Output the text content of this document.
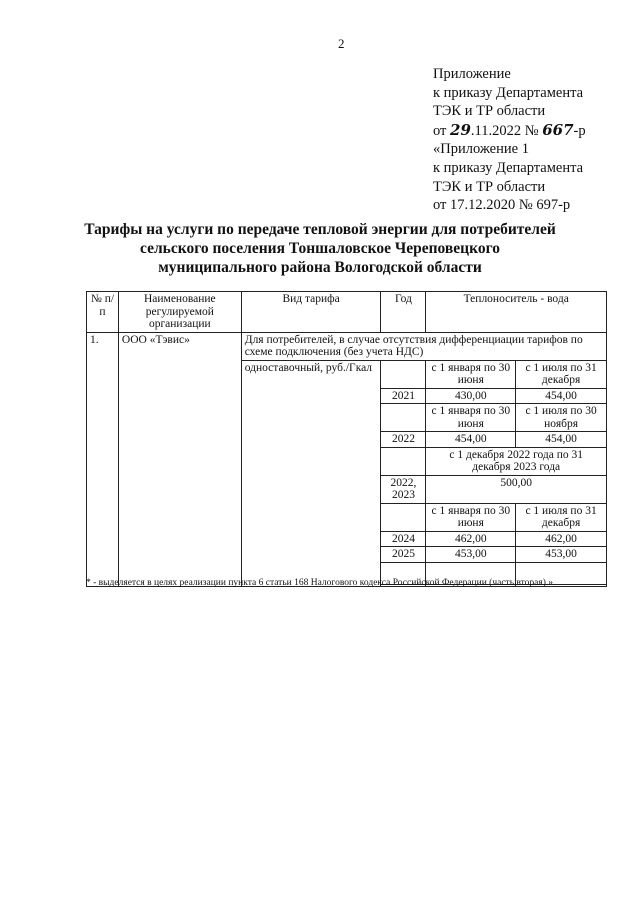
2
Приложение
к приказу Департамента
ТЭК и ТР области
от 29.11.2022 № 667-р
«Приложение 1
к приказу Департамента
ТЭК и ТР области
от 17.12.2020 № 697-р
Тарифы на услуги по передаче тепловой энергии для потребителей
сельского поселения Тоншаловское Череповецкого
муниципального района Вологодской области
№ п/п	Наименование регулируемой организации	Вид тарифа	Год	Теплоноситель - вода	
1.	ООО «Тэвис»	Для потребителей, в случае отсутствия дифференциации тарифов по схеме подключения (без учета НДС)			
		одноставочный, руб./Гкал		с 1 января по 30 июня	с 1 июля по 31 декабря
			2021	430,00	454,00
				с 1 января по 30 июня	с 1 июля по 30 ноября
			2022	454,00	454,00
				с 1 декабря 2022 года по 31 декабря 2023 года	
			2022, 2023	500,00	
				с 1 января по 30 июня	с 1 июля по 31 декабря
			2024	462,00	462,00
			2025	453,00	453,00

* - выделяется в целях реализации пункта 6 статьи 168 Налогового кодекса Российской Федерации (часть вторая).».
